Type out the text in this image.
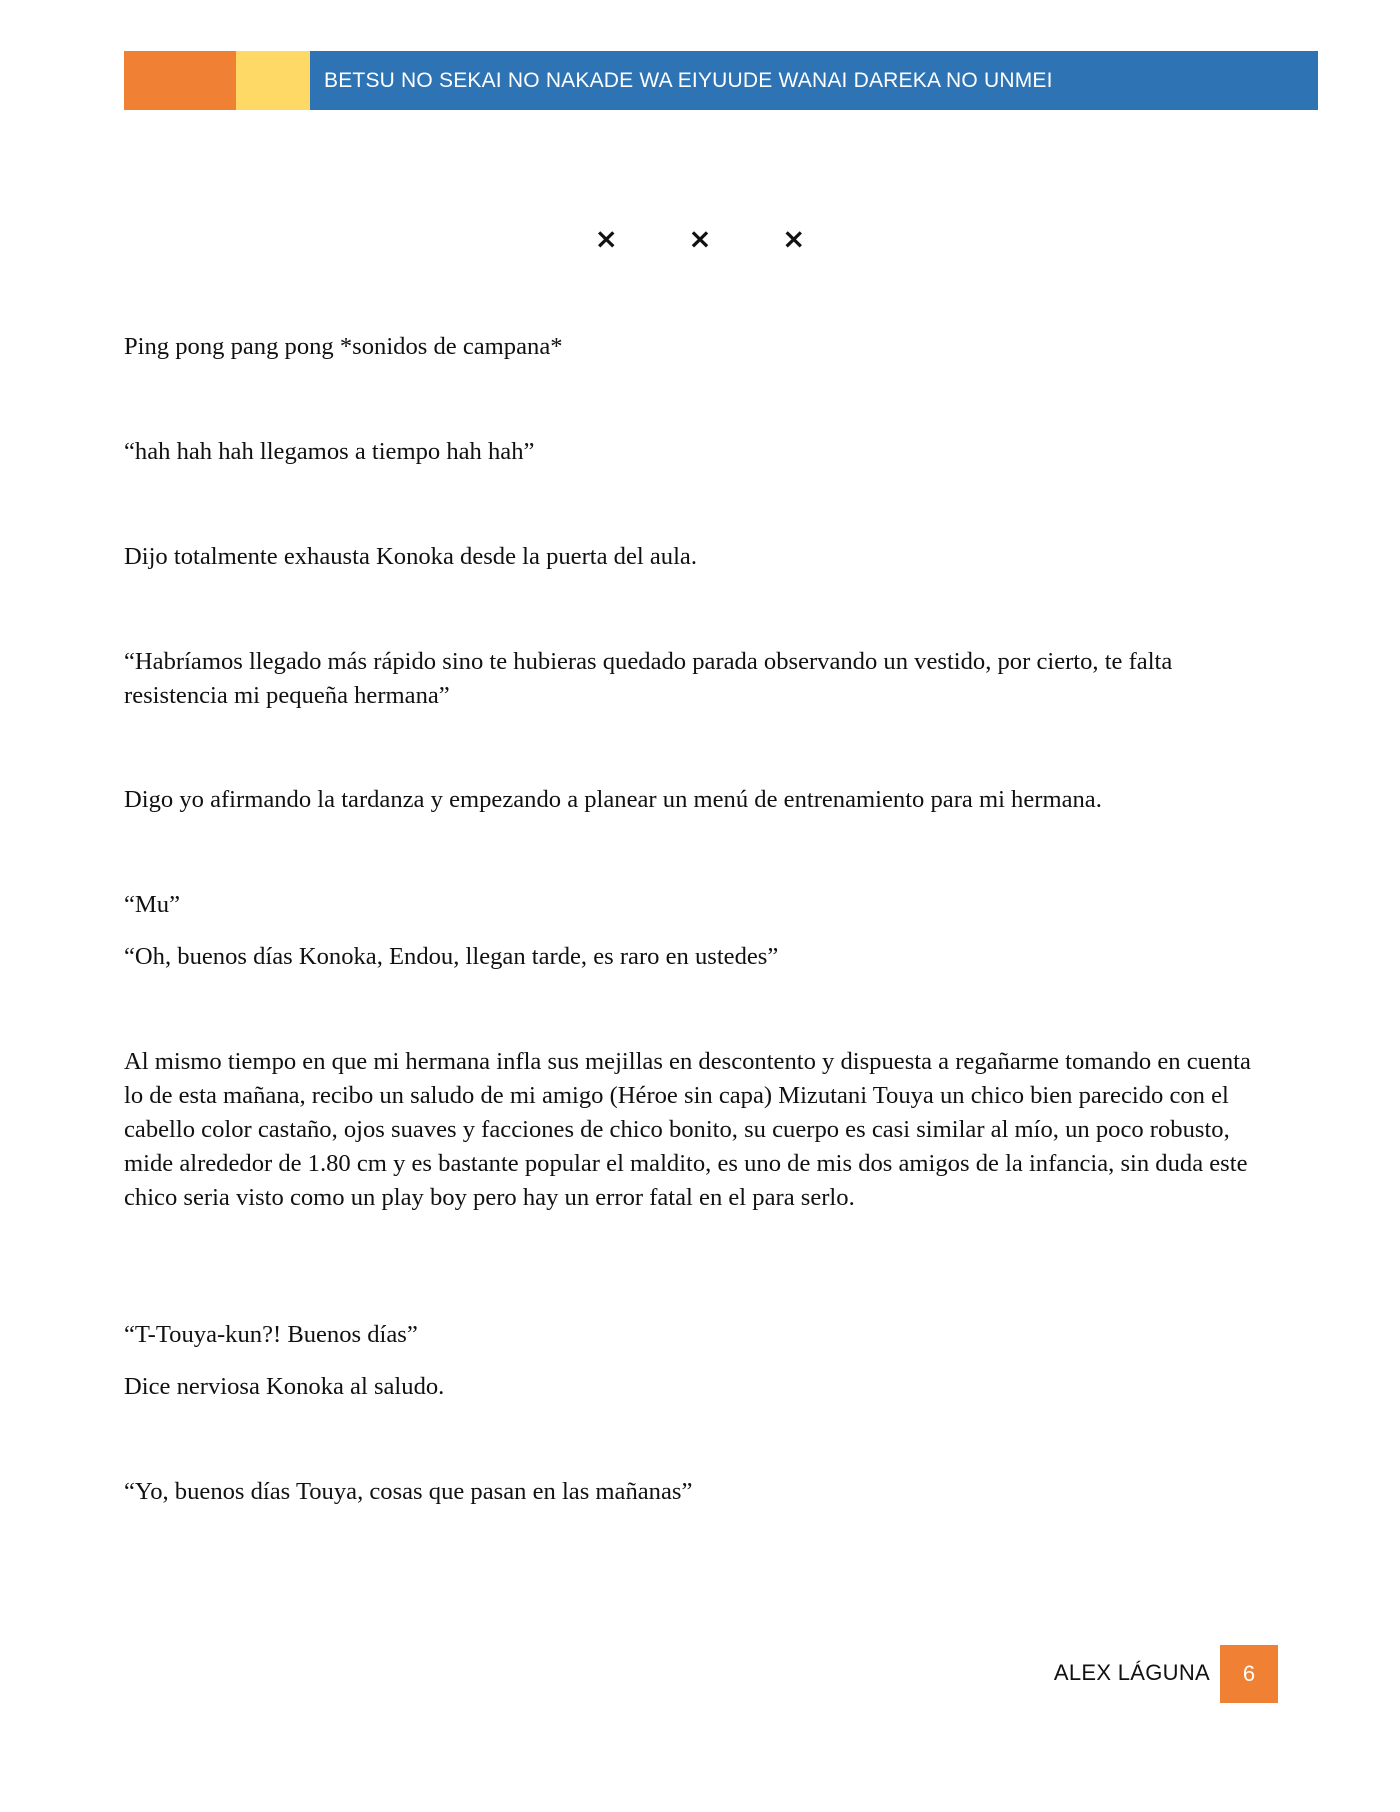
BETSU NO SEKAI NO NAKADE WA EIYUUDE WANAI DAREKA NO UNMEI
×	×	×

Ping pong pang pong *sonidos de campana*

“hah hah hah llegamos a tiempo hah hah”

Dijo totalmente exhausta Konoka desde la puerta del aula.

“Habríamos llegado más rápido sino te hubieras quedado parada observando un vestido, por cierto, te falta resistencia mi pequeña hermana”

Digo yo afirmando la tardanza y empezando a planear un menú de entrenamiento para mi hermana.

“Mu”

“Oh, buenos días Konoka, Endou, llegan tarde, es raro en ustedes”

Al mismo tiempo en que mi hermana infla sus mejillas en descontento y dispuesta a regañarme tomando en cuenta lo de esta mañana, recibo un saludo de mi amigo (Héroe sin capa) Mizutani Touya un chico bien parecido con el cabello color castaño, ojos suaves y facciones de chico bonito, su cuerpo es casi similar al mío, un poco robusto, mide alrededor de 1.80 cm y es bastante popular el maldito, es uno de mis dos amigos de la infancia, sin duda este chico seria visto como un play boy pero hay un error fatal en el para serlo.

“T-Touya-kun?! Buenos días”

Dice nerviosa Konoka al saludo.

“Yo, buenos días Touya, cosas que pasan en las mañanas”

ALEX LÁGUNA	6
